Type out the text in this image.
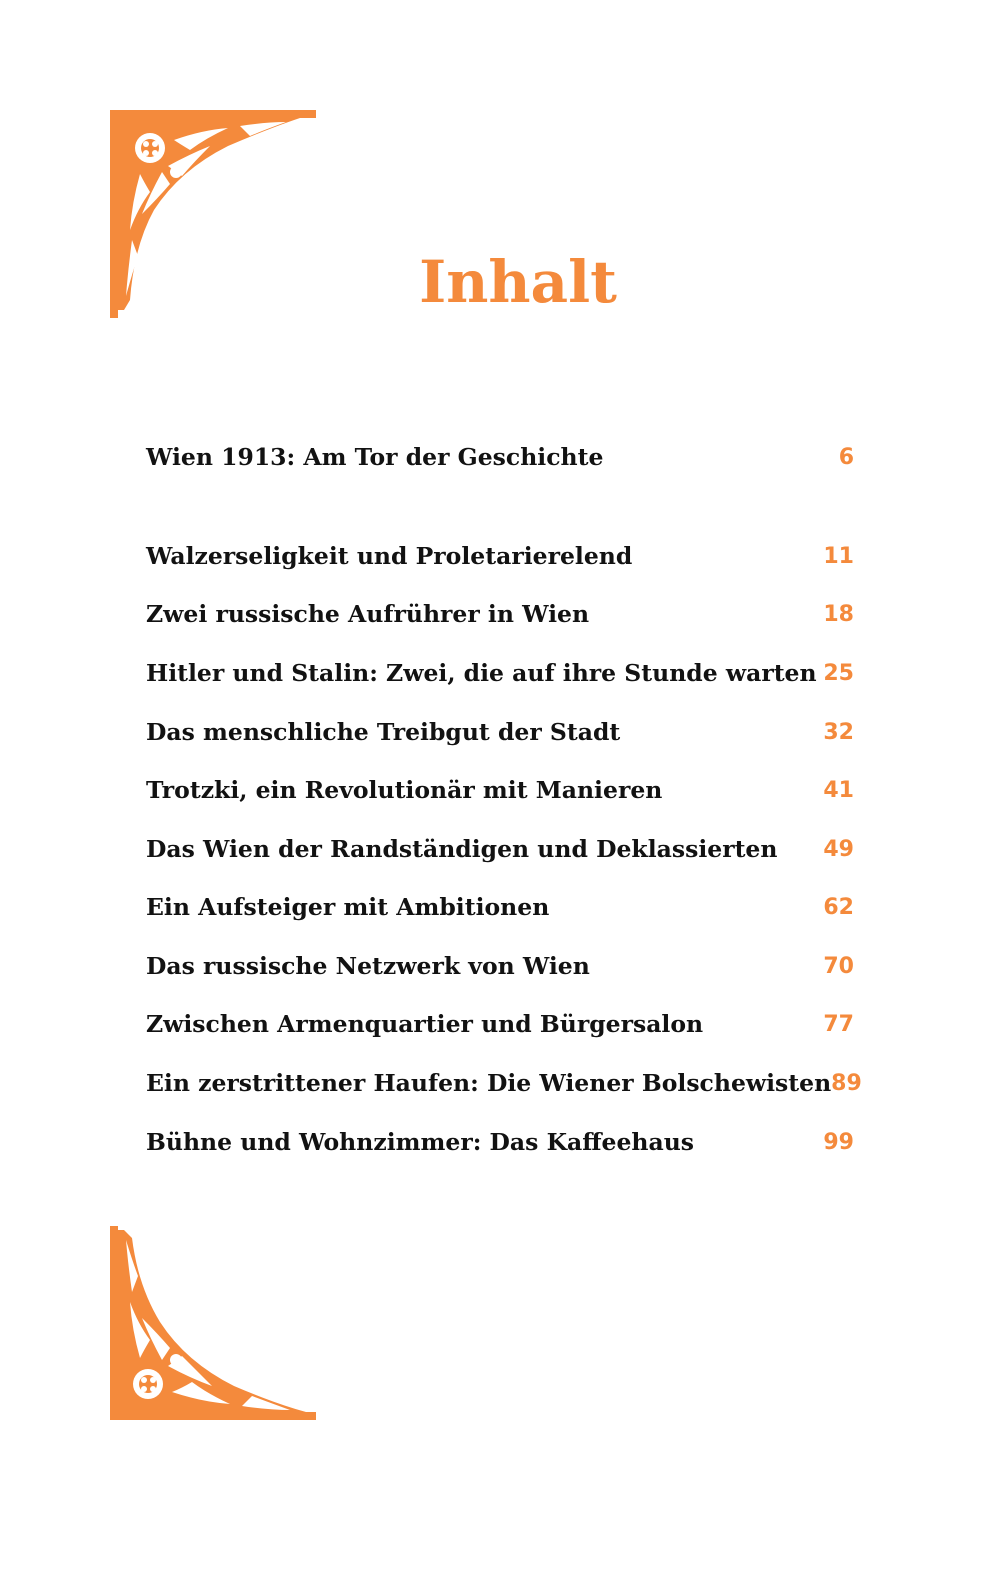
Inhalt
Wien 1913: Am Tor der Geschichte	6
Walzerseligkeit und Proletarierelend	11
Zwei russische Aufrührer in Wien	18
Hitler und Stalin: Zwei, die auf ihre Stunde warten 25
Das menschliche Treibgut der Stadt	32
Trotzki, ein Revolutionär mit Manieren	41
Das Wien der Randständigen und Deklassierten 49
Ein Aufsteiger mit Ambitionen	62
Das russische Netzwerk von Wien	70
Zwischen Armenquartier und Bürgersalon	77
Ein zerstrittener Haufen: Die Wiener Bolschewisten 89
Bühne und Wohnzimmer: Das Kaffeehaus	99
